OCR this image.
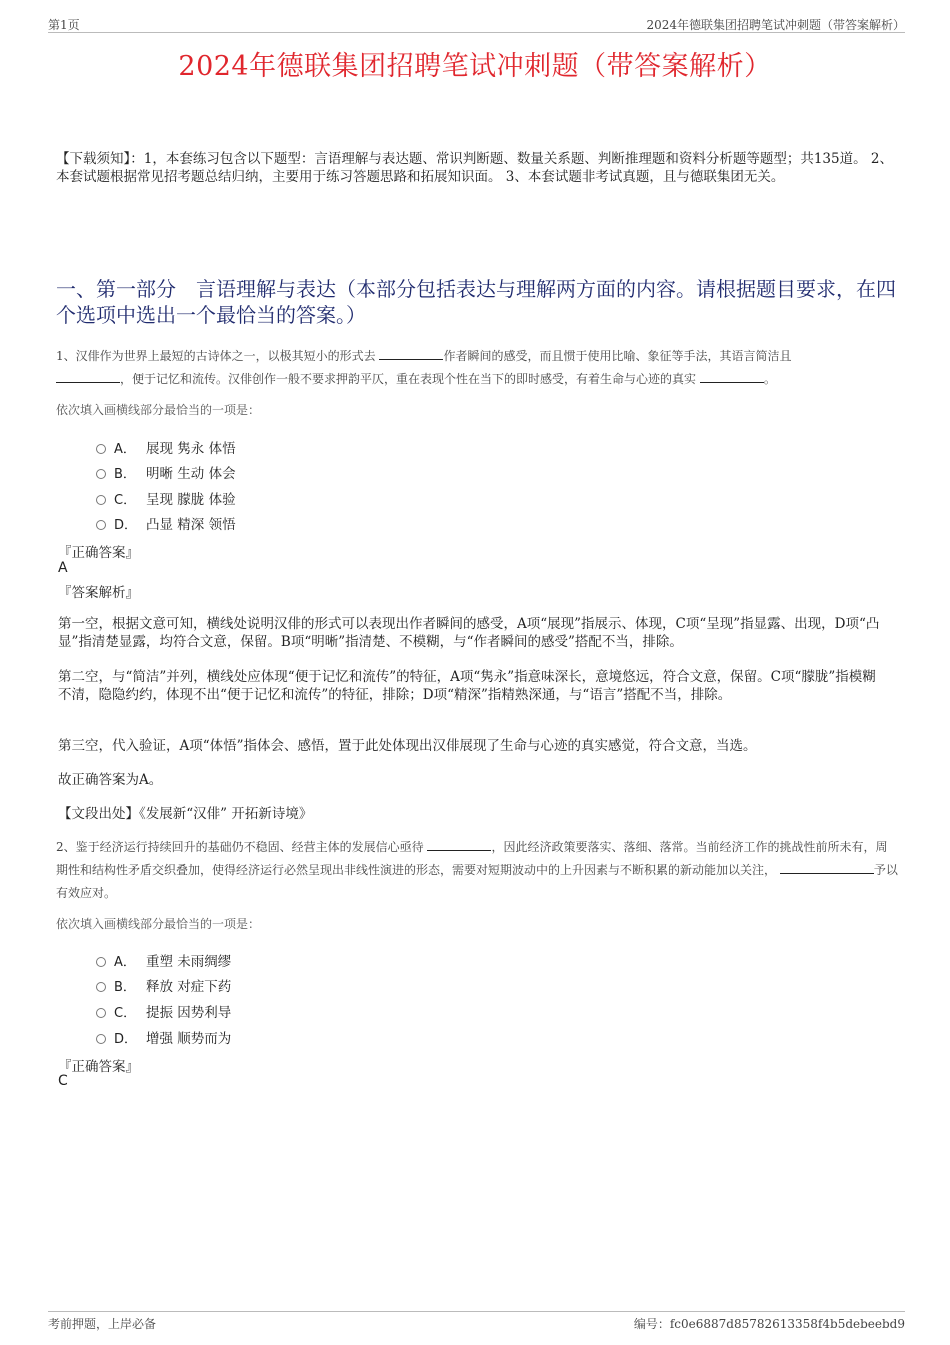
第1页	2024年德联集团招聘笔试冲刺题（带答案解析）
2024年德联集团招聘笔试冲刺题（带答案解析）
【下载须知】：1，本套练习包含以下题型：言语理解与表达题、常识判断题、数量关系题、判断推理题和资料分析题等题型；共135道。 2、本套试题根据常见招考题总结归纳，主要用于练习答题思路和拓展知识面。 3、本套试题非考试真题，且与德联集团无关。
一、第一部分　言语理解与表达（本部分包括表达与理解两方面的内容。请根据题目要求，在四个选项中选出一个最恰当的答案。）
1、汉俳作为世界上最短的古诗体之一，以极其短小的形式去	作者瞬间的感受，而且惯于使用比喻、象征等手法，其语言简洁且
，便于记忆和流传。汉俳创作一般不要求押韵平仄，重在表现个性在当下的即时感受，有着生命与心迹的真实	。
依次填入画横线部分最恰当的一项是：
A． 展现 隽永 体悟
B． 明晰 生动 体会
C． 呈现 朦胧 体验
D． 凸显 精深 领悟
『正确答案』
A
『答案解析』
第一空，根据文意可知，横线处说明汉俳的形式可以表现出作者瞬间的感受，A项“展现”指展示、体现，C项“呈现”指显露、出现，D项“凸显”指清楚显露，均符合文意，保留。B项“明晰”指清楚、不模糊，与“作者瞬间的感受”搭配不当，排除。
第二空，与“简洁”并列，横线处应体现“便于记忆和流传”的特征，A项“隽永”指意味深长，意境悠远，符合文意，保留。C项“朦胧”指模糊不清，隐隐约约，体现不出“便于记忆和流传”的特征，排除；D项“精深”指精熟深通，与“语言”搭配不当，排除。
第三空，代入验证，A项“体悟”指体会、感悟，置于此处体现出汉俳展现了生命与心迹的真实感觉，符合文意，当选。
故正确答案为A。
【文段出处】《发展新“汉俳” 开拓新诗境》
2、鉴于经济运行持续回升的基础仍不稳固、经营主体的发展信心亟待	，因此经济政策要落实、落细、落常。当前经济工作的挑战性前所未有，周期性和结构性矛盾交织叠加，使得经济运行必然呈现出非线性演进的形态，需要对短期波动中的上升因素与不断积累的新动能加以关注，	予以有效应对。
依次填入画横线部分最恰当的一项是：
A． 重塑 未雨绸缪
B． 释放 对症下药
C． 提振 因势利导
D． 增强 顺势而为
『正确答案』
C
考前押题，上岸必备	编号：fc0e6887d85782613358f4b5debeebd9
